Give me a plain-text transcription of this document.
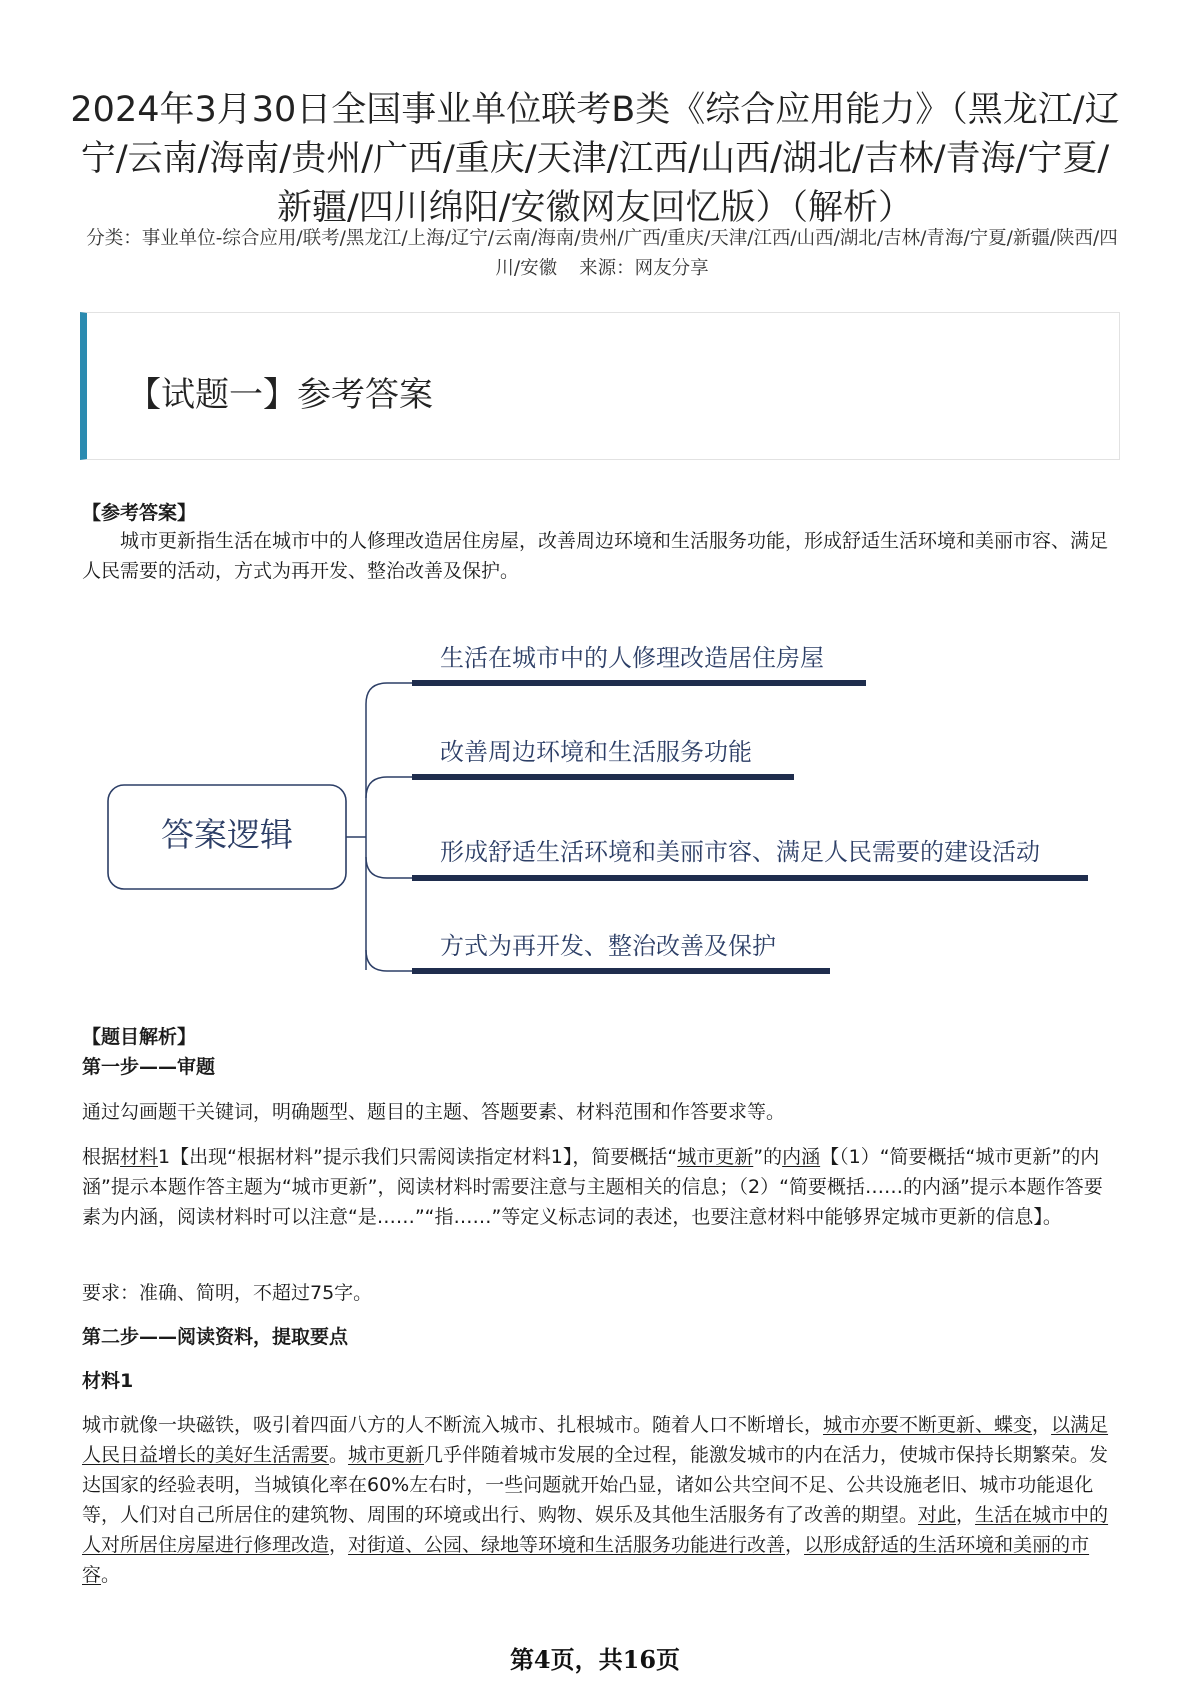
2024年3月30日全国事业单位联考B类《综合应用能力》（黑龙江/辽宁/云南/海南/贵州/广西/重庆/天津/江西/山西/湖北/吉林/青海/宁夏/新疆/四川绵阳/安徽网友回忆版）（解析）
分类：事业单位-综合应用/联考/黑龙江/上海/辽宁/云南/海南/贵州/广西/重庆/天津/江西/山西/湖北/吉林/青海/宁夏/新疆/陕西/四川/安徽 来源：网友分享
【试题一】参考答案
【参考答案】
城市更新指生活在城市中的人修理改造居住房屋，改善周边环境和生活服务功能，形成舒适生活环境和美丽市容、满足人民需要的活动，方式为再开发、整治改善及保护。
答案逻辑
生活在城市中的人修理改造居住房屋
改善周边环境和生活服务功能
形成舒适生活环境和美丽市容、满足人民需要的建设活动
方式为再开发、整治改善及保护
【题目解析】
第一步——审题
通过勾画题干关键词，明确题型、题目的主题、答题要素、材料范围和作答要求等。
根据材料1【出现“根据材料”提示我们只需阅读指定材料1】，简要概括“城市更新”的内涵【（1）“简要概括“城市更新”的内涵”提示本题作答主题为“城市更新”，阅读材料时需要注意与主题相关的信息；（2）“简要概括……的内涵”提示本题作答要素为内涵，阅读材料时可以注意“是……”“指……”等定义标志词的表述，也要注意材料中能够界定城市更新的信息】。
要求：准确、简明，不超过75字。
第二步——阅读资料，提取要点
材料1
城市就像一块磁铁，吸引着四面八方的人不断流入城市、扎根城市。随着人口不断增长，城市亦要不断更新、蝶变，以满足人民日益增长的美好生活需要。城市更新几乎伴随着城市发展的全过程，能激发城市的内在活力，使城市保持长期繁荣。发达国家的经验表明，当城镇化率在60%左右时，一些问题就开始凸显，诸如公共空间不足、公共设施老旧、城市功能退化等，人们对自己所居住的建筑物、周围的环境或出行、购物、娱乐及其他生活服务有了改善的期望。对此，生活在城市中的人对所居住房屋进行修理改造，对街道、公园、绿地等环境和生活服务功能进行改善，以形成舒适的生活环境和美丽的市容。
第4页，共16页
